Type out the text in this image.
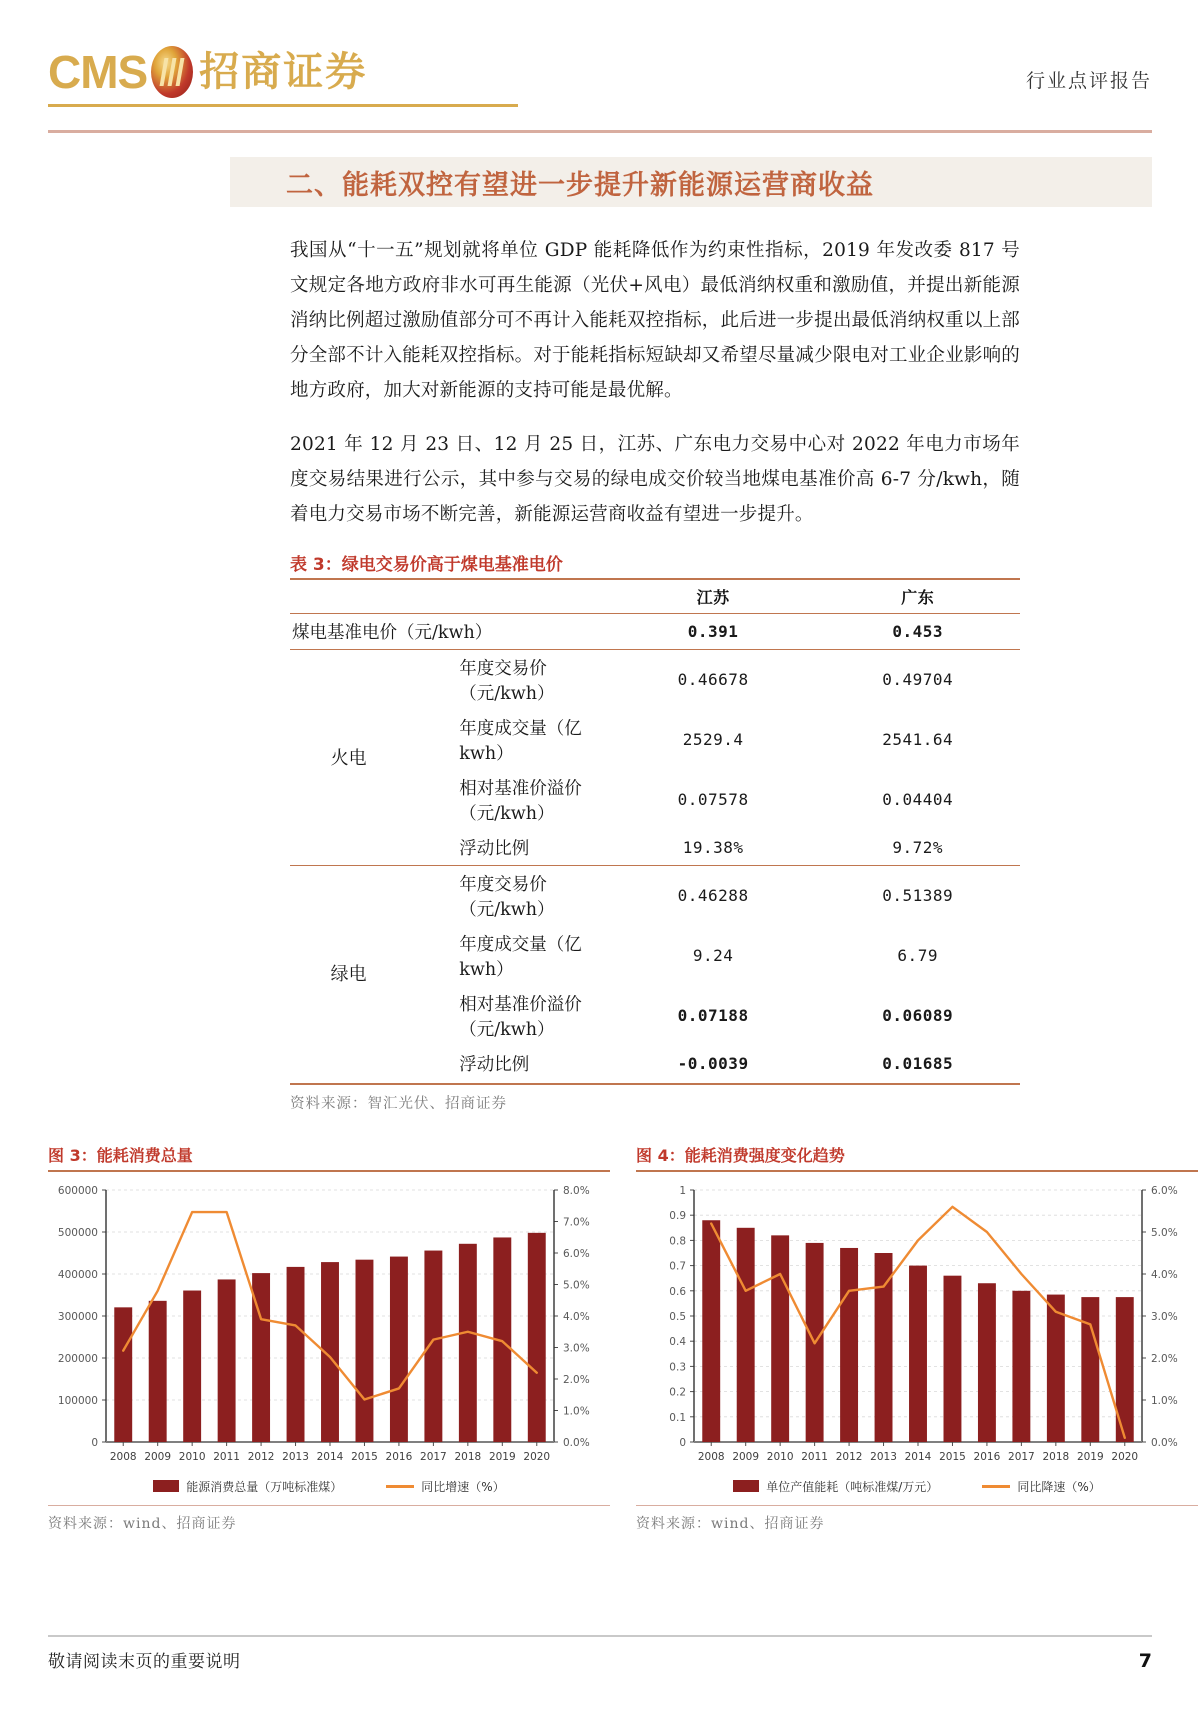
CMS 招商证券	行业点评报告
二、能耗双控有望进一步提升新能源运营商收益

我国从“十一五”规划就将单位 GDP 能耗降低作为约束性指标，2019 年发改委 817 号文规定各地方政府非水可再生能源（光伏+风电）最低消纳权重和激励值，并提出新能源消纳比例超过激励值部分可不再计入能耗双控指标，此后进一步提出最低消纳权重以上部分全部不计入能耗双控指标。对于能耗指标短缺却又希望尽量减少限电对工业企业影响的地方政府，加大对新能源的支持可能是最优解。

2021 年 12 月 23 日、12 月 25 日，江苏、广东电力交易中心对 2022 年电力市场年度交易结果进行公示，其中参与交易的绿电成交价较当地煤电基准价高 6-7 分/kwh，随着电力交易市场不断完善，新能源运营商收益有望进一步提升。

表 3：绿电交易价高于煤电基准电价
		江苏	广东
煤电基准电价（元/kwh）		0.391	0.453
火电	年度交易价（元/kwh）	0.46678	0.49704
	年度成交量（亿 kwh）	2529.4	2541.64
	相对基准价溢价（元/kwh）	0.07578	0.04404
	浮动比例	19.38%	9.72%
绿电	年度交易价（元/kwh）	0.46288	0.51389
	年度成交量（亿 kwh）	9.24	6.79
	相对基准价溢价（元/kwh）	0.07188	0.06089
	浮动比例	-0.0039	0.01685
资料来源：智汇光伏、招商证券
图 3：能耗消费总量
0
100000
200000
300000
400000
500000
600000
0.0%
1.0%
2.0%
3.0%
4.0%
5.0%
6.0%
7.0%
8.0%
2008 2009 2010 2011 2012 2013 2014 2015 2016 2017 2018 2019 2020
能源消费总量（万吨标准煤）	同比增速（%）
资料来源：wind、招商证券
图 4：能耗消费强度变化趋势
0
0.1
0.2
0.3
0.4
0.5
0.6
0.7
0.8
0.9
1
0.0%
1.0%
2.0%
3.0%
4.0%
5.0%
6.0%
2008 2009 2010 2011 2012 2013 2014 2015 2016 2017 2018 2019 2020
单位产值能耗（吨标准煤/万元）	同比降速（%）
资料来源：wind、招商证券
敬请阅读末页的重要说明	7
